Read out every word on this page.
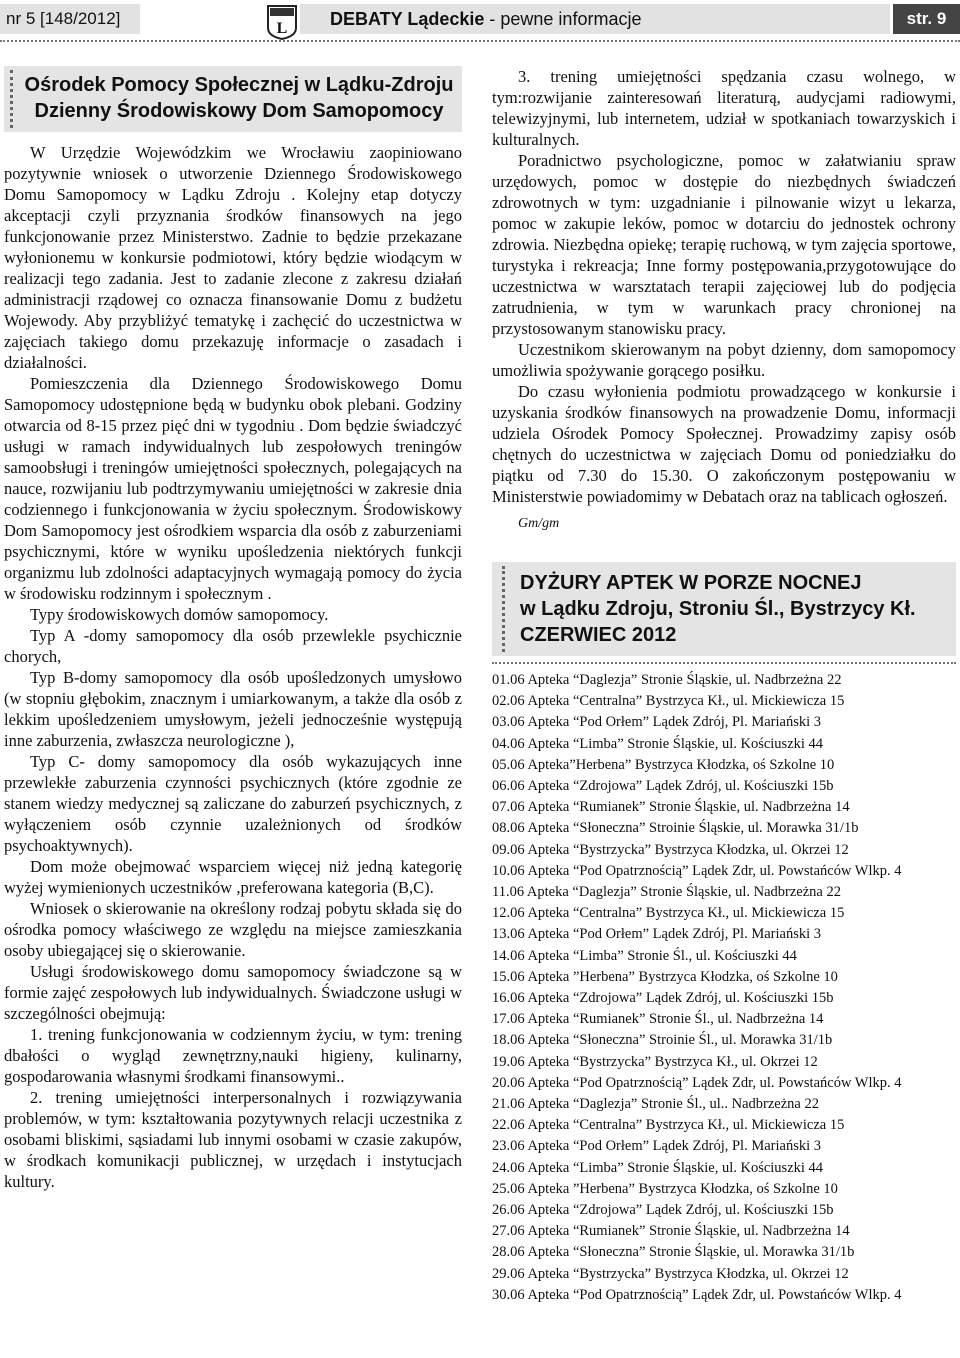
nr 5 [148/2012]
L	DEBATY Lądeckie - pewne informacje	str. 9
Ośrodek Pomocy Społecznej w Lądku-Zdroju
Dzienny Środowiskowy Dom Samopomocy

W Urzędzie Wojewódzkim we Wrocławiu zaopiniowano pozytywnie wniosek o utworzenie Dziennego Środowiskowego Domu Samopomocy w Lądku Zdroju . Kolejny etap dotyczy akceptacji czyli przyznania środków finansowych na jego funkcjonowanie przez Ministerstwo. Zadnie to będzie przekazane wyłonionemu w konkursie podmiotowi, który będzie wiodącym w realizacji tego zadania. Jest to zadanie zlecone z zakresu działań administracji rządowej co oznacza finansowanie Domu z budżetu Wojewody. Aby przybliżyć tematykę i zachęcić do uczestnictwa w zajęciach takiego domu przekazuję informacje o zasadach i działalności.

Pomieszczenia dla Dziennego Środowiskowego Domu Samopomocy udostępnione będą w budynku obok plebani. Godziny otwarcia od 8-15 przez pięć dni w tygodniu . Dom będzie świadczyć usługi w ramach indywidualnych lub zespołowych treningów samoobsługi i treningów umiejętności społecznych, polegających na nauce, rozwijaniu lub podtrzymywaniu umiejętności w zakresie dnia codziennego i funkcjonowania w życiu społecznym. Środowiskowy Dom Samopomocy jest ośrodkiem wsparcia dla osób z zaburzeniami psychicznymi, które w wyniku upośledzenia niektórych funkcji organizmu lub zdolności adaptacyjnych wymagają pomocy do życia w środowisku rodzinnym i społecznym .

Typy środowiskowych domów samopomocy.

Typ A -domy samopomocy dla osób przewlekle psychicznie chorych,

Typ B-domy samopomocy dla osób upośledzonych umysłowo (w stopniu głębokim, znacznym i umiarkowanym, a także dla osób z lekkim upośledzeniem umysłowym, jeżeli jednocześnie występują inne zaburzenia, zwłaszcza neurologiczne ),

Typ C- domy samopomocy dla osób wykazujących inne przewlekłe zaburzenia czynności psychicznych (które zgodnie ze stanem wiedzy medycznej są zaliczane do zaburzeń psychicznych, z wyłączeniem osób czynnie uzależnionych od środków psychoaktywnych).

Dom może obejmować wsparciem więcej niż jedną kategorię wyżej wymienionych uczestników ,preferowana kategoria (B,C).

Wniosek o skierowanie na określony rodzaj pobytu składa się do ośrodka pomocy właściwego ze względu na miejsce zamieszkania osoby ubiegającej się o skierowanie.

Usługi środowiskowego domu samopomocy świadczone są w formie zajęć zespołowych lub indywidualnych. Świadczone usługi w szczególności obejmują:

1. trening funkcjonowania w codziennym życiu, w tym: trening dbałości o wygląd zewnętrzny,nauki higieny, kulinarny, gospodarowania własnymi środkami finansowymi..

2. trening umiejętności interpersonalnych i rozwiązywania problemów, w tym: kształtowania pozytywnych relacji uczestnika z osobami bliskimi, sąsiadami lub innymi osobami w czasie zakupów, w środkach komunikacji publicznej, w urzędach i instytucjach kultury.

3. trening umiejętności spędzania czasu wolnego, w tym:rozwijanie zainteresowań literaturą, audycjami radiowymi, telewizyjnymi, lub internetem, udział w spotkaniach towarzyskich i kulturalnych.

Poradnictwo psychologiczne, pomoc w załatwianiu spraw urzędowych, pomoc w dostępie do niezbędnych świadczeń zdrowotnych w tym: uzgadnianie i pilnowanie wizyt u lekarza, pomoc w zakupie leków, pomoc w dotarciu do jednostek ochrony zdrowia. Niezbędna opiekę; terapię ruchową, w tym zajęcia sportowe, turystyka i rekreacja; Inne formy postępowania,przygotowujące do uczestnictwa w warsztatach terapii zajęciowej lub do podjęcia zatrudnienia, w tym w warunkach pracy chronionej na przystosowanym stanowisku pracy.

Uczestnikom skierowanym na pobyt dzienny, dom samopomocy umożliwia spożywanie gorącego posiłku.

Do czasu wyłonienia podmiotu prowadzącego w konkursie i uzyskania środków finansowych na prowadzenie Domu, informacji udziela Ośrodek Pomocy Społecznej. Prowadzimy zapisy osób chętnych do uczestnictwa w zajęciach Domu od poniedziałku do piątku od 7.30 do 15.30. O zakończonym postępowaniu w Ministerstwie powiadomimy w Debatach oraz na tablicach ogłoszeń.

Gm/gm

DYŻURY APTEK W PORZE NOCNEJ
w Lądku Zdroju, Stroniu Śl., Bystrzycy Kł.
CZERWIEC 2012
01.06 Apteka “Daglezja” Stronie Śląskie, ul. Nadbrzeżna 22
02.06 Apteka “Centralna” Bystrzyca Kł., ul. Mickiewicza 15
03.06 Apteka “Pod Orłem” Lądek Zdrój, Pl. Mariański 3
04.06 Apteka “Limba” Stronie Śląskie, ul. Kościuszki 44
05.06 Apteka”Herbena” Bystrzyca Kłodzka, oś Szkolne 10
06.06 Apteka “Zdrojowa” Lądek Zdrój, ul. Kościuszki 15b
07.06 Apteka “Rumianek” Stronie Śląskie, ul. Nadbrzeżna 14
08.06 Apteka “Słoneczna” Stroinie Śląskie, ul. Morawka 31/1b
09.06 Apteka “Bystrzycka” Bystrzyca Kłodzka, ul. Okrzei 12
10.06 Apteka “Pod Opatrznością” Lądek Zdr, ul. Powstańców Wlkp. 4
11.06 Apteka “Daglezja” Stronie Śląskie, ul. Nadbrzeżna 22
12.06 Apteka “Centralna” Bystrzyca Kł., ul. Mickiewicza 15
13.06 Apteka “Pod Orłem” Lądek Zdrój, Pl. Mariański 3
14.06 Apteka “Limba” Stronie Śl., ul. Kościuszki 44
15.06 Apteka ”Herbena” Bystrzyca Kłodzka, oś Szkolne 10
16.06 Apteka “Zdrojowa” Lądek Zdrój, ul. Kościuszki 15b
17.06 Apteka “Rumianek” Stronie Śl., ul. Nadbrzeżna 14
18.06 Apteka “Słoneczna” Stroinie Śl., ul. Morawka 31/1b
19.06 Apteka “Bystrzycka” Bystrzyca Kł., ul. Okrzei 12
20.06 Apteka “Pod Opatrznością” Lądek Zdr, ul. Powstańców Wlkp. 4
21.06 Apteka “Daglezja” Stronie Śl., ul.. Nadbrzeżna 22
22.06 Apteka “Centralna” Bystrzyca Kł., ul. Mickiewicza 15
23.06 Apteka “Pod Orłem” Lądek Zdrój, Pl. Mariański 3
24.06 Apteka “Limba” Stronie Śląskie, ul. Kościuszki 44
25.06 Apteka ”Herbena” Bystrzyca Kłodzka, oś Szkolne 10
26.06 Apteka “Zdrojowa” Lądek Zdrój, ul. Kościuszki 15b
27.06 Apteka “Rumianek” Stronie Śląskie, ul. Nadbrzeżna 14
28.06 Apteka “Słoneczna” Stronie Śląskie, ul. Morawka 31/1b
29.06 Apteka “Bystrzycka” Bystrzyca Kłodzka, ul. Okrzei 12
30.06 Apteka “Pod Opatrznością” Lądek Zdr, ul. Powstańców Wlkp. 4
